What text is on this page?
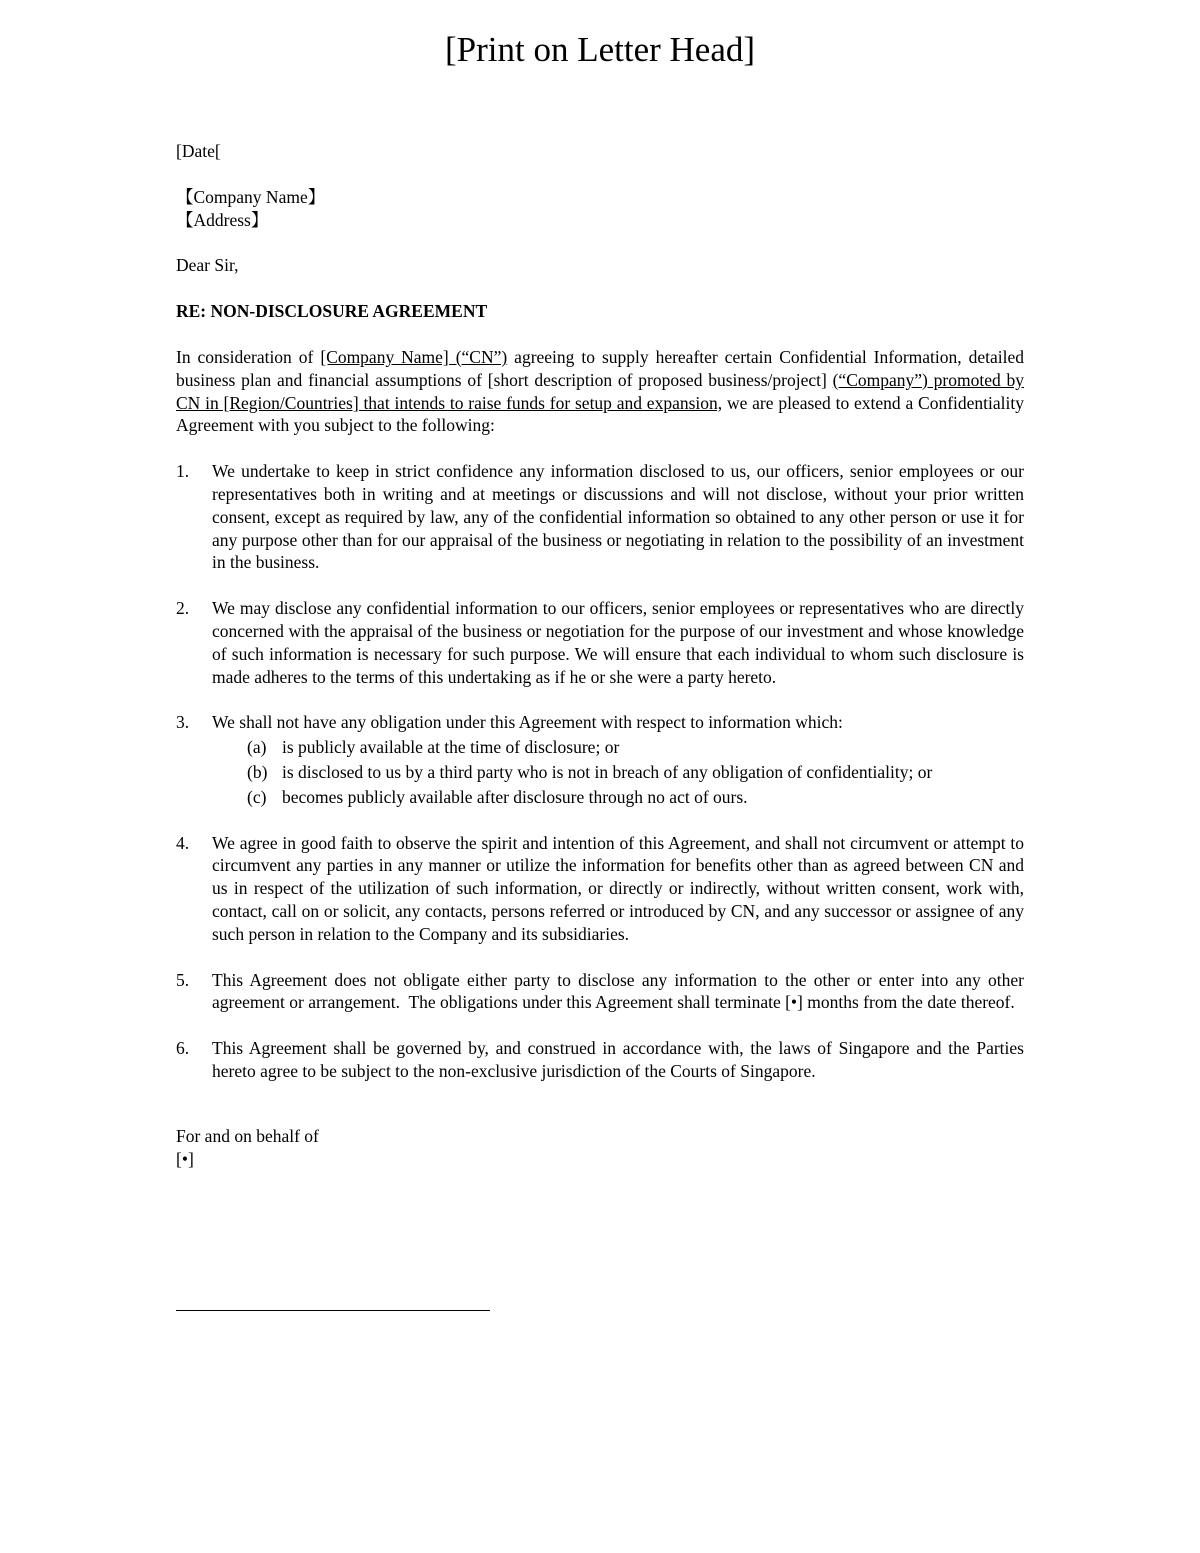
[Print on Letter Head]
[Date[
【Company Name】
【Address】
Dear Sir,
RE: NON-DISCLOSURE AGREEMENT
In consideration of [Company Name] (“CN”) agreeing to supply hereafter certain Confidential Information, detailed business plan and financial assumptions of [short description of proposed business/project] (“Company”) promoted by CN in [Region/Countries] that intends to raise funds for setup and expansion, we are pleased to extend a Confidentiality Agreement with you subject to the following:
1. We undertake to keep in strict confidence any information disclosed to us, our officers, senior employees or our representatives both in writing and at meetings or discussions and will not disclose, without your prior written consent, except as required by law, any of the confidential information so obtained to any other person or use it for any purpose other than for our appraisal of the business or negotiating in relation to the possibility of an investment in the business.
2. We may disclose any confidential information to our officers, senior employees or representatives who are directly concerned with the appraisal of the business or negotiation for the purpose of our investment and whose knowledge of such information is necessary for such purpose. We will ensure that each individual to whom such disclosure is made adheres to the terms of this undertaking as if he or she were a party hereto.
3. We shall not have any obligation under this Agreement with respect to information which:
(a) is publicly available at the time of disclosure; or
(b) is disclosed to us by a third party who is not in breach of any obligation of confidentiality; or
(c) becomes publicly available after disclosure through no act of ours.
4. We agree in good faith to observe the spirit and intention of this Agreement, and shall not circumvent or attempt to circumvent any parties in any manner or utilize the information for benefits other than as agreed between CN and us in respect of the utilization of such information, or directly or indirectly, without written consent, work with, contact, call on or solicit, any contacts, persons referred or introduced by CN, and any successor or assignee of any such person in relation to the Company and its subsidiaries.
5. This Agreement does not obligate either party to disclose any information to the other or enter into any other agreement or arrangement.  The obligations under this Agreement shall terminate [•] months from the date thereof.
6. This Agreement shall be governed by, and construed in accordance with, the laws of Singapore and the Parties hereto agree to be subject to the non-exclusive jurisdiction of the Courts of Singapore.
For and on behalf of
[•]
